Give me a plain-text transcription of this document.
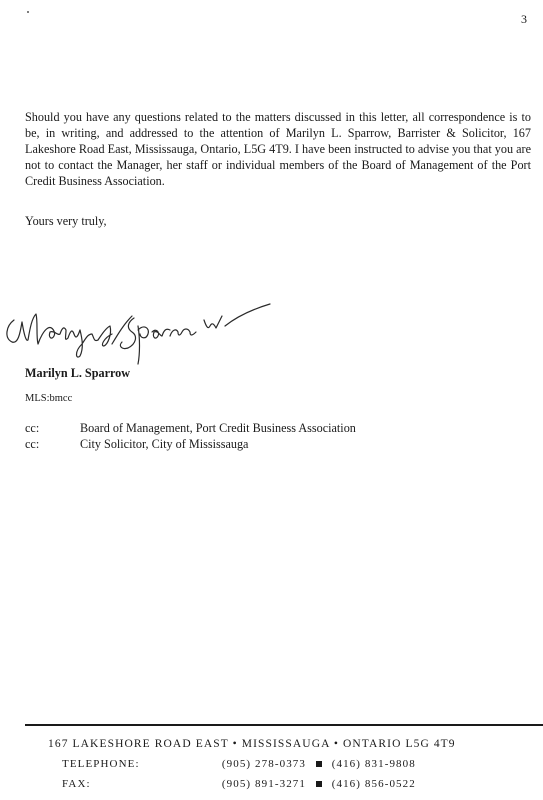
3

Should you have any questions related to the matters discussed in this letter, all correspondence is to be, in writing, and addressed to the attention of Marilyn L. Sparrow, Barrister & Solicitor, 167 Lakeshore Road East, Mississauga, Ontario, L5G 4T9. I have been instructed to advise you that you are not to contact the Manager, her staff or individual members of the Board of Management of the Port Credit Business Association.

Yours very truly,

Marilyn L. Sparrow

MLS:bmcc

cc:	Board of Management, Port Credit Business Association
cc:	City Solicitor, City of Mississauga
167 LAKESHORE ROAD EAST • MISSISSAUGA • ONTARIO L5G 4T9
TELEPHONE:	(905) 278-0373 (416) 831-9808
FAX:	(905) 891-3271 (416) 856-0522
